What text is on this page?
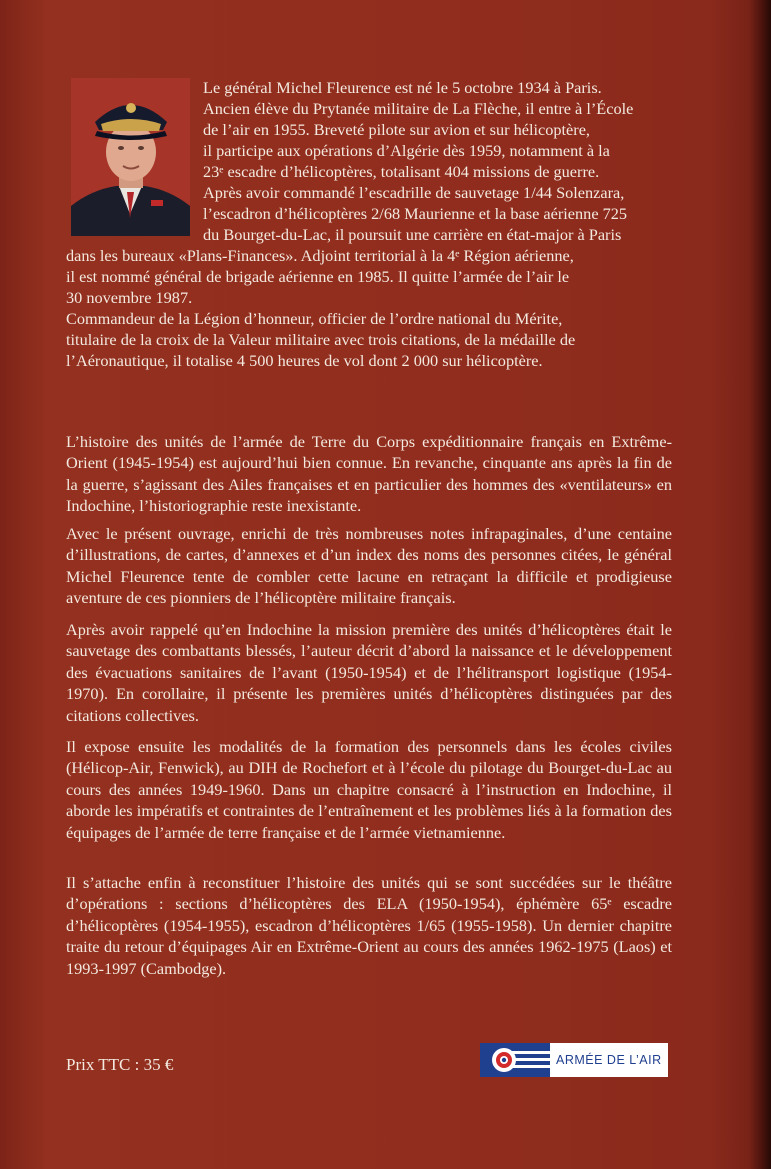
Le général Michel Fleurence est né le 5 octobre 1934 à Paris.

Ancien élève du Prytanée militaire de La Flèche, il entre à l’École

de l’air en 1955. Breveté pilote sur avion et sur hélicoptère,

il participe aux opérations d’Algérie dès 1959, notamment à la

23ᵉ escadre d’hélicoptères, totalisant 404 missions de guerre.

Après avoir commandé l’escadrille de sauvetage 1/44 Solenzara,

l’escadron d’hélicoptères 2/68 Maurienne et la base aérienne 725

du Bourget-du-Lac, il poursuit une carrière en état-major à Paris

dans les bureaux «Plans-Finances». Adjoint territorial à la 4ᵉ Région aérienne,

il est nommé général de brigade aérienne en 1985. Il quitte l’armée de l’air le

30 novembre 1987.

Commandeur de la Légion d’honneur, officier de l’ordre national du Mérite,

titulaire de la croix de la Valeur militaire avec trois citations, de la médaille de

l’Aéronautique, il totalise 4 500 heures de vol dont 2 000 sur hélicoptère.

L’histoire des unités de l’armée de Terre du Corps expéditionnaire français en Extrême-Orient (1945-1954) est aujourd’hui bien connue. En revanche, cinquante ans après la fin de la guerre, s’agissant des Ailes françaises et en particulier des hommes des «ventilateurs» en Indochine, l’historiographie reste inexistante.

Avec le présent ouvrage, enrichi de très nombreuses notes infrapaginales, d’une centaine d’illustrations, de cartes, d’annexes et d’un index des noms des personnes citées, le général Michel Fleurence tente de combler cette lacune en retraçant la difficile et prodigieuse aventure de ces pionniers de l’hélicoptère militaire français.

Après avoir rappelé qu’en Indochine la mission première des unités d’hélicoptères était le sauvetage des combattants blessés, l’auteur décrit d’abord la naissance et le développement des évacuations sanitaires de l’avant (1950-1954) et de l’hélitransport logistique (1954-1970). En corollaire, il présente les premières unités d’hélicoptères distinguées par des citations collectives.

Il expose ensuite les modalités de la formation des personnels dans les écoles civiles (Hélicop-Air, Fenwick), au DIH de Rochefort et à l’école du pilotage du Bourget-du-Lac au cours des années 1949-1960. Dans un chapitre consacré à l’instruction en Indochine, il aborde les impératifs et contraintes de l’entraînement et les problèmes liés à la formation des équipages de l’armée de terre française et de l’armée vietnamienne.

Il s’attache enfin à reconstituer l’histoire des unités qui se sont succédées sur le théâtre d’opérations : sections d’hélicoptères des ELA (1950-1954), éphémère 65ᵉ escadre d’hélicoptères (1954-1955), escadron d’hélicoptères 1/65 (1955-1958). Un dernier chapitre traite du retour d’équipages Air en Extrême-Orient au cours des années 1962-1975 (Laos) et 1993-1997 (Cambodge).

Prix TTC : 35 €	ARMÉE DE L’AIR
